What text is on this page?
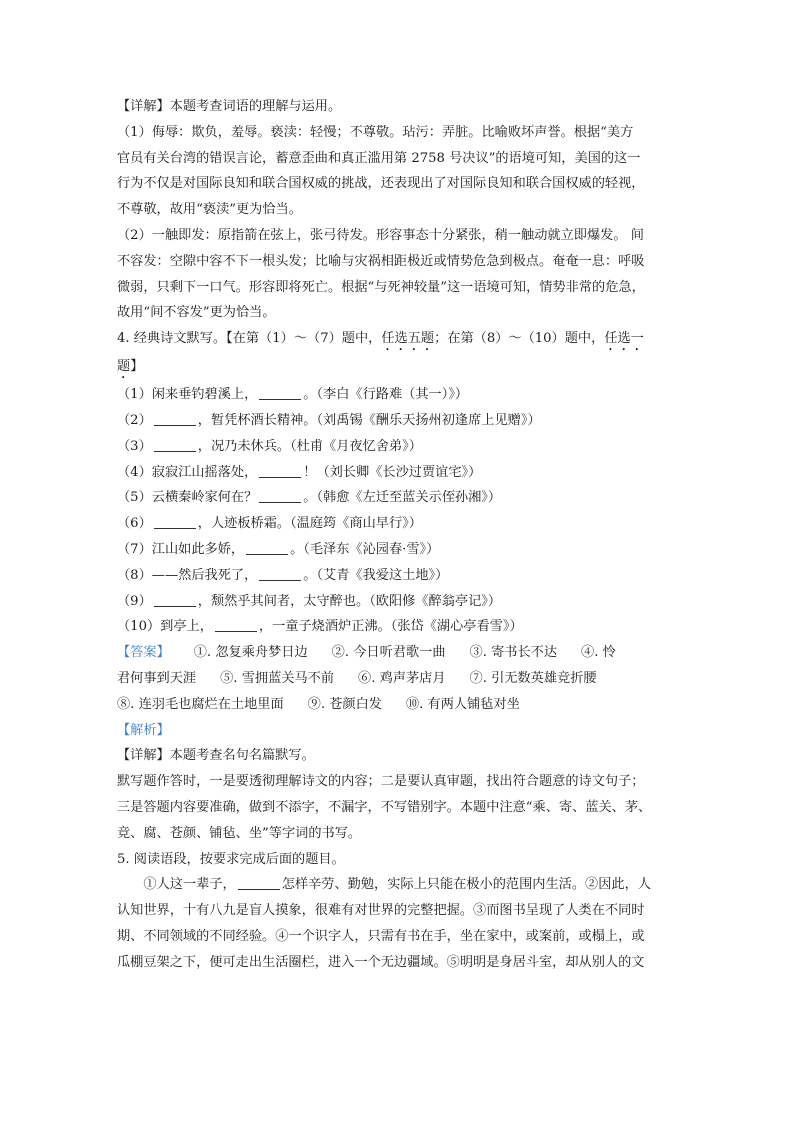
【详解】本题考查词语的理解与运用。

（1）侮辱：欺负，羞辱。亵渎：轻慢；不尊敬。玷污：弄脏。比喻败坏声誉。根据“美方

官员有关台湾的错误言论，蓄意歪曲和真正滥用第 2758 号决议”的语境可知，美国的这一

行为不仅是对国际良知和联合国权威的挑战，还表现出了对国际良知和联合国权威的轻视，

不尊敬，故用“亵渎”更为恰当。

（2）一触即发：原指箭在弦上，张弓待发。形容事态十分紧张，稍一触动就立即爆发。 间

不容发：空隙中容不下一根头发；比喻与灾祸相距极近或情势危急到极点。奄奄一息：呼吸

微弱，只剩下一口气。形容即将死亡。根据“与死神较量”这一语境可知，情势非常的危急，

故用“间不容发”更为恰当。

4. 经典诗文默写。【在第（1）～（7）题中，任选五题；在第（8）～（10）题中，任选一

题】

（1）闲来垂钓碧溪上，	。（李白《行路难（其一）》）

（2）	，暂凭杯酒长精神。（刘禹锡《酬乐天扬州初逢席上见赠》）

（3）	，况乃未休兵。（杜甫《月夜忆舍弟》）

（4）寂寂江山摇落处，	！（刘长卿《长沙过贾谊宅》）

（5）云横秦岭家何在？	。（韩愈《左迁至蓝关示侄孙湘》）

（6）	，人迹板桥霜。（温庭筠《商山早行》）

（7）江山如此多娇，	。（毛泽东《沁园春·雪》）

（8）——然后我死了，	。（艾青《我爱这土地》）

（9）	，颓然乎其间者，太守醉也。（欧阳修《醉翁亭记》）

（10）到亭上，	，一童子烧酒炉正沸。（张岱《湖心亭看雪》）

【答案】 ①. 忽复乘舟梦日边 ②. 今日听君歌一曲 ③. 寄书长不达 ④. 怜

君何事到天涯 ⑤. 雪拥蓝关马不前 ⑥. 鸡声茅店月 ⑦. 引无数英雄竞折腰

⑧. 连羽毛也腐烂在土地里面 ⑨. 苍颜白发 ⑩. 有两人铺毡对坐

【解析】

【详解】本题考查名句名篇默写。

默写题作答时，一是要透彻理解诗文的内容；二是要认真审题，找出符合题意的诗文句子；

三是答题内容要准确，做到不添字，不漏字，不写错别字。本题中注意“乘、寄、蓝关、茅、

竞、腐、苍颜、铺毡、坐”等字词的书写。

5. 阅读语段，按要求完成后面的题目。

①人这一辈子，	怎样辛劳、勤勉，实际上只能在极小的范围内生活。②因此，人

认知世界，十有八九是盲人摸象，很难有对世界的完整把握。③而图书呈现了人类在不同时

期、不同领域的不同经验。④一个识字人，只需有书在手，坐在家中，或案前，或榻上，或

瓜棚豆架之下，便可走出生活圈栏，进入一个无边疆域。⑤明明是身居斗室，却从别人的文
